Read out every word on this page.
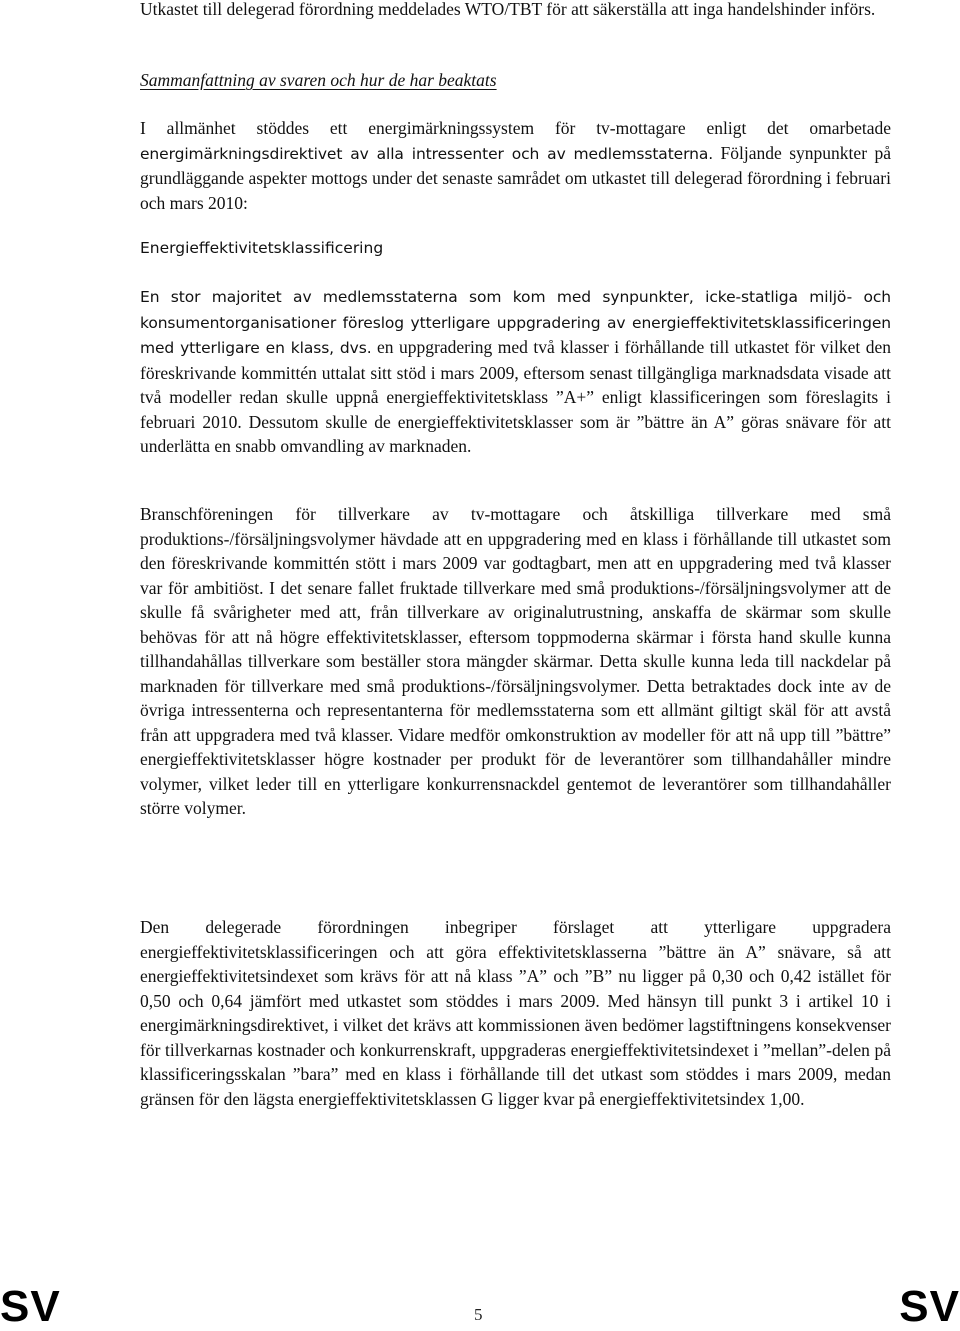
Utkastet till delegerad förordning meddelades WTO/TBT för att säkerställa att inga handelshinder införs.

Sammanfattning av svaren och hur de har beaktats

I allmänhet stöddes ett energimärkningssystem för tv-mottagare enligt det omarbetade energimärkningsdirektivet av alla intressenter och av medlemsstaterna. Följande synpunkter på grundläggande aspekter mottogs under det senaste samrådet om utkastet till delegerad förordning i februari och mars 2010:

Energieffektivitetsklassificering

En stor majoritet av medlemsstaterna som kom med synpunkter, icke-statliga miljö- och konsumentorganisationer föreslog ytterligare uppgradering av energieffektivitetsklassificeringen med ytterligare en klass, dvs. en uppgradering med två klasser i förhållande till utkastet för vilket den föreskrivande kommittén uttalat sitt stöd i mars 2009, eftersom senast tillgängliga marknadsdata visade att två modeller redan skulle uppnå energieffektivitetsklass ”A+” enligt klassificeringen som föreslagits i februari 2010. Dessutom skulle de energieffektivitetsklasser som är ”bättre än A” göras snävare för att underlätta en snabb omvandling av marknaden.

Branschföreningen för tillverkare av tv-mottagare och åtskilliga tillverkare med små produktions-/försäljningsvolymer hävdade att en uppgradering med en klass i förhållande till utkastet som den föreskrivande kommittén stött i mars 2009 var godtagbart, men att en uppgradering med två klasser var för ambitiöst. I det senare fallet fruktade tillverkare med små produktions-/försäljningsvolymer att de skulle få svårigheter med att, från tillverkare av originalutrustning, anskaffa de skärmar som skulle behövas för att nå högre effektivitetsklasser, eftersom toppmoderna skärmar i första hand skulle kunna tillhandahållas tillverkare som beställer stora mängder skärmar. Detta skulle kunna leda till nackdelar på marknaden för tillverkare med små produktions-/försäljningsvolymer. Detta betraktades dock inte av de övriga intressenterna och representanterna för medlemsstaterna som ett allmänt giltigt skäl för att avstå från att uppgradera med två klasser. Vidare medför omkonstruktion av modeller för att nå upp till ”bättre” energieffektivitetsklasser högre kostnader per produkt för de leverantörer som tillhandahåller mindre volymer, vilket leder till en ytterligare konkurrensnackdel gentemot de leverantörer som tillhandahåller större volymer.

Den delegerade förordningen inbegriper förslaget att ytterligare uppgradera energieffektivitetsklassificeringen och att göra effektivitetsklasserna ”bättre än A” snävare, så att energieffektivitetsindexet som krävs för att nå klass ”A” och ”B” nu ligger på 0,30 och 0,42 istället för 0,50 och 0,64 jämfört med utkastet som stöddes i mars 2009. Med hänsyn till punkt 3 i artikel 10 i energimärkningsdirektivet, i vilket det krävs att kommissionen även bedömer lagstiftningens konsekvenser för tillverkarnas kostnader och konkurrenskraft, uppgraderas energieffektivitetsindexet i ”mellan”-delen på klassificeringsskalan ”bara” med en klass i förhållande till det utkast som stöddes i mars 2009, medan gränsen för den lägsta energieffektivitetsklassen G ligger kvar på energieffektivitetsindex 1,00.

SV	5	SV
